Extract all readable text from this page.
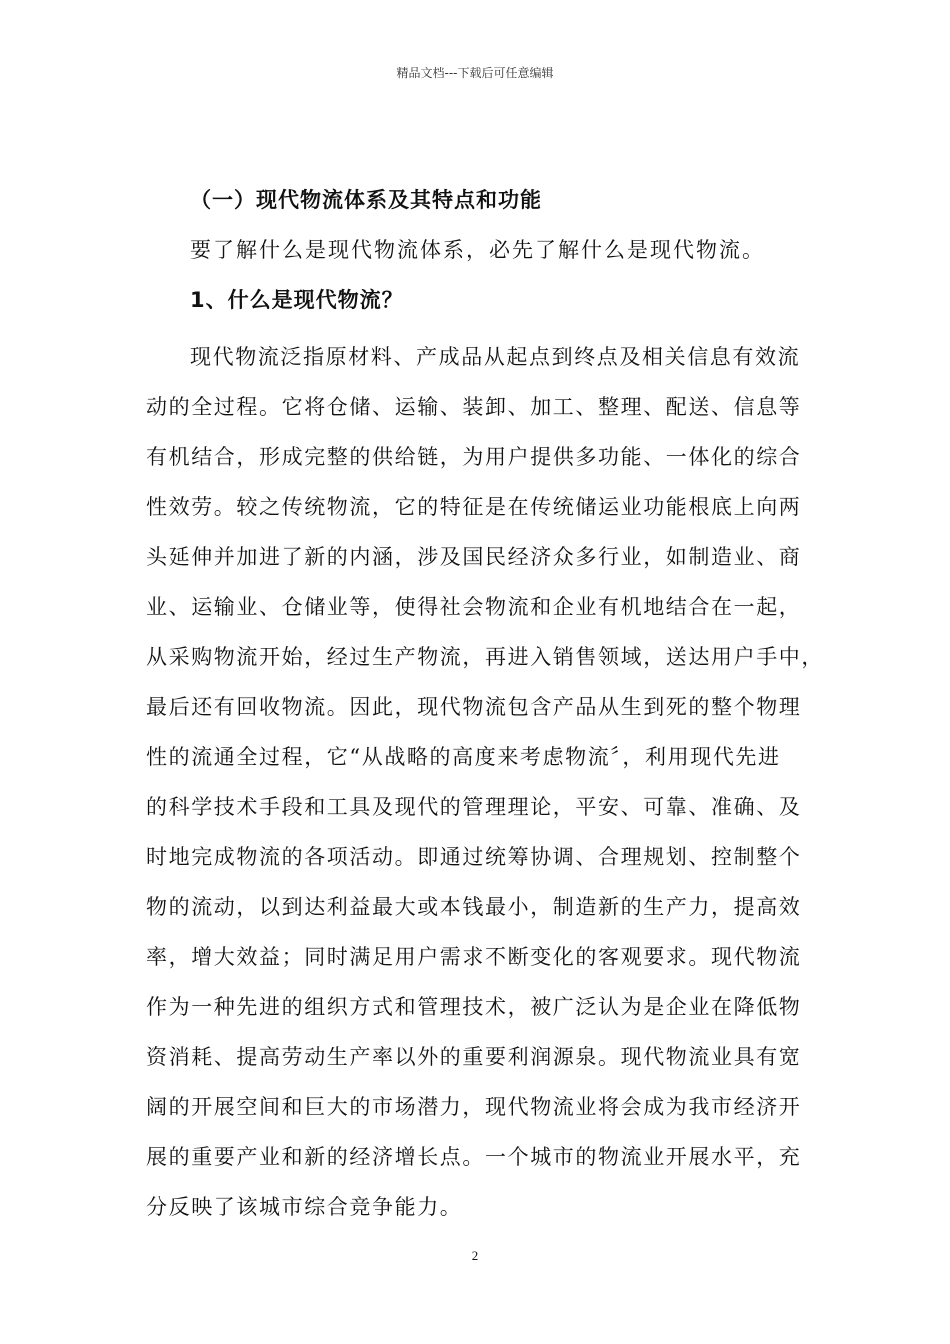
精品文档---下载后可任意编辑
（一）现代物流体系及其特点和功能
要了解什么是现代物流体系，必先了解什么是现代物流。
1、什么是现代物流？
现代物流泛指原材料、产成品从起点到终点及相关信息有效流
动的全过程。它将仓储、运输、装卸、加工、整理、配送、信息等
有机结合，形成完整的供给链，为用户提供多功能、一体化的综合
性效劳。较之传统物流，它的特征是在传统储运业功能根底上向两
头延伸并加进了新的内涵，涉及国民经济众多行业，如制造业、商
业、运输业、仓储业等，使得社会物流和企业有机地结合在一起，
从采购物流开始，经过生产物流，再进入销售领域，送达用户手中，
最后还有回收物流。因此，现代物流包含产品从生到死的整个物理
性的流通全过程，它“从战略的高度来考虑物流〞，利用现代先进
的科学技术手段和工具及现代的管理理论，平安、可靠、准确、及
时地完成物流的各项活动。即通过统筹协调、合理规划、控制整个
物的流动，以到达利益最大或本钱最小，制造新的生产力，提高效
率，增大效益；同时满足用户需求不断变化的客观要求。现代物流
作为一种先进的组织方式和管理技术，被广泛认为是企业在降低物
资消耗、提高劳动生产率以外的重要利润源泉。现代物流业具有宽
阔的开展空间和巨大的市场潜力，现代物流业将会成为我市经济开
展的重要产业和新的经济增长点。一个城市的物流业开展水平，充
分反映了该城市综合竞争能力。
2
